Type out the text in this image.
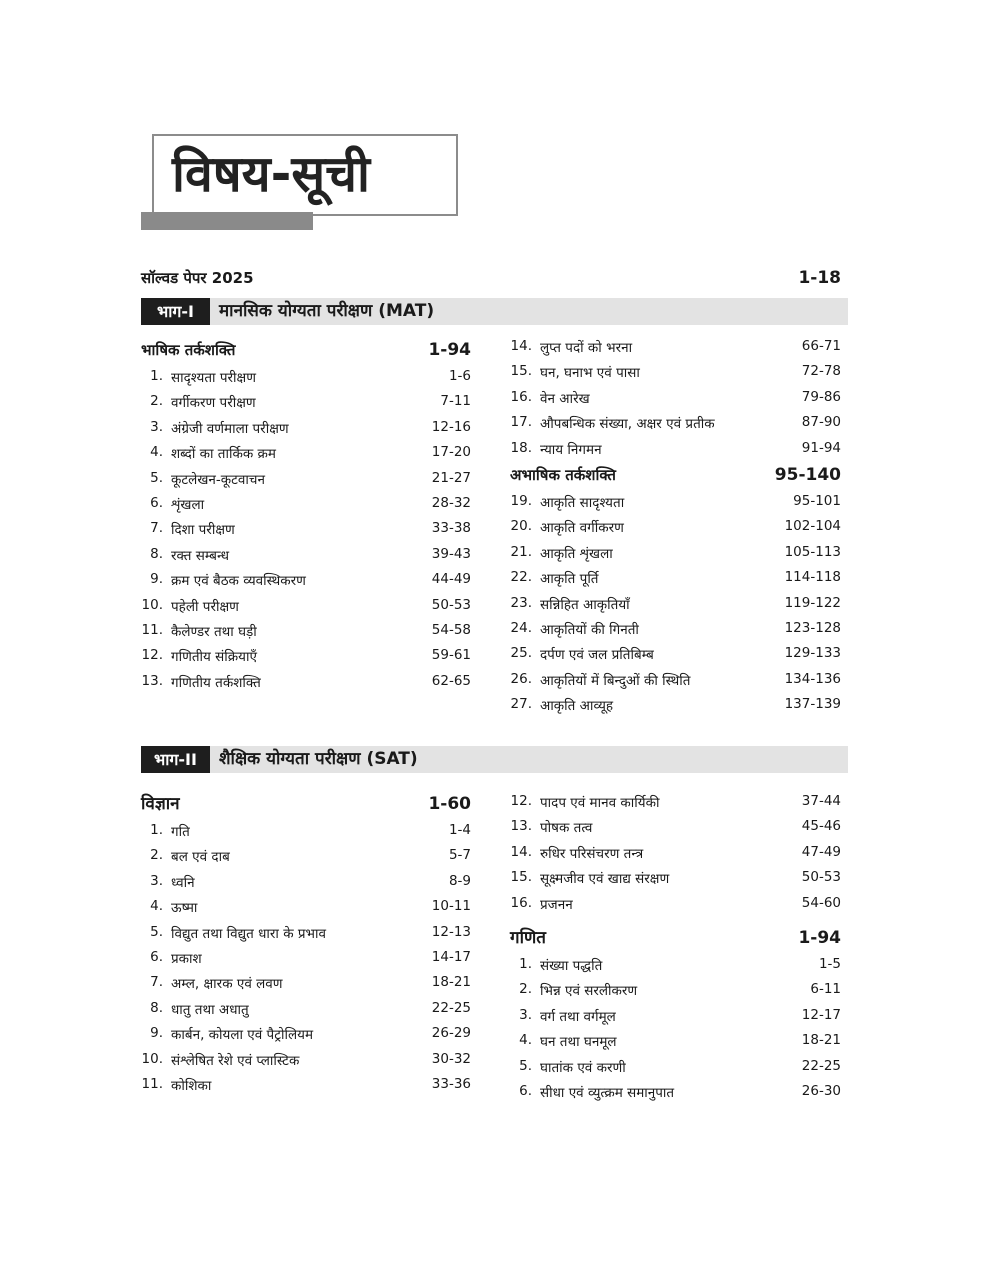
विषय-सूची
सॉल्वड पेपर 2025	1-18
भाग-I	मानसिक योग्यता परीक्षण (MAT)
भाषिक तर्कशक्ति	1-94
1. सादृश्यता परीक्षण	1-6
2. वर्गीकरण परीक्षण	7-11
3. अंग्रेजी वर्णमाला परीक्षण	12-16
4. शब्दों का तार्किक क्रम	17-20
5. कूटलेखन-कूटवाचन	21-27
6. शृंखला	28-32
7. दिशा परीक्षण	33-38
8. रक्त सम्बन्ध	39-43
9. क्रम एवं बैठक व्यवस्थिकरण	44-49
10. पहेली परीक्षण	50-53
11. कैलेण्डर तथा घड़ी	54-58
12. गणितीय संक्रियाएँ	59-61
13. गणितीय तर्कशक्ति	62-65
14. लुप्त पदों को भरना	66-71
15. घन, घनाभ एवं पासा	72-78
16. वेन आरेख	79-86
17. औपबन्धिक संख्या, अक्षर एवं प्रतीक	87-90
18. न्याय निगमन	91-94
अभाषिक तर्कशक्ति	95-140
19. आकृति सादृश्यता	95-101
20. आकृति वर्गीकरण	102-104
21. आकृति शृंखला	105-113
22. आकृति पूर्ति	114-118
23. सन्निहित आकृतियाँ	119-122
24. आकृतियों की गिनती	123-128
25. दर्पण एवं जल प्रतिबिम्ब	129-133
26. आकृतियों में बिन्दुओं की स्थिति	134-136
27. आकृति आव्यूह	137-139
भाग-II	शैक्षिक योग्यता परीक्षण (SAT)
विज्ञान	1-60
1. गति	1-4
2. बल एवं दाब	5-7
3. ध्वनि	8-9
4. ऊष्मा	10-11
5. विद्युत तथा विद्युत धारा के प्रभाव	12-13
6. प्रकाश	14-17
7. अम्ल, क्षारक एवं लवण	18-21
8. धातु तथा अधातु	22-25
9. कार्बन, कोयला एवं पैट्रोलियम	26-29
10. संश्लेषित रेशे एवं प्लास्टिक	30-32
11. कोशिका	33-36
12. पादप एवं मानव कार्यिकी	37-44
13. पोषक तत्व	45-46
14. रुधिर परिसंचरण तन्त्र	47-49
15. सूक्ष्मजीव एवं खाद्य संरक्षण	50-53
16. प्रजनन	54-60
गणित	1-94
1. संख्या पद्धति	1-5
2. भिन्न एवं सरलीकरण	6-11
3. वर्ग तथा वर्गमूल	12-17
4. घन तथा घनमूल	18-21
5. घातांक एवं करणी	22-25
6. सीधा एवं व्युत्क्रम समानुपात	26-30
